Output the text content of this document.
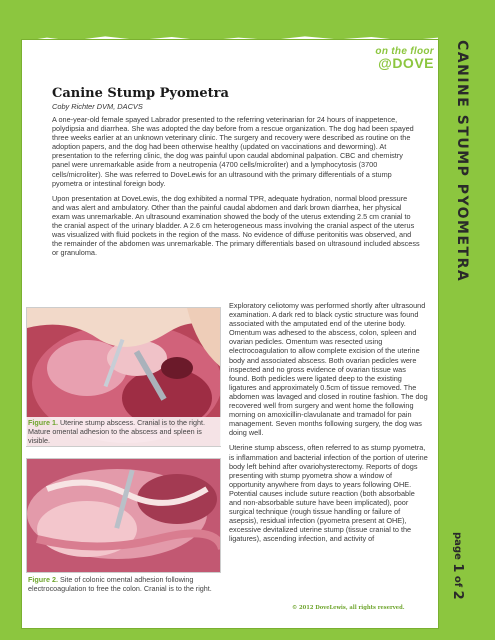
on the floor
@DOVE	CANINE STUMP PYOMETRA
page 1 of 2
Canine Stump Pyometra
Coby Richter DVM, DACVS

A one-year-old female spayed Labrador presented to the referring veterinarian for 24 hours of inappetence, polydipsia and diarrhea. She was adopted the day before from a rescue organization. The dog had been spayed three weeks earlier at an unknown veterinary clinic. The surgery and recovery were described as routine on the adoption papers, and the dog had been otherwise healthy (updated on vaccinations and deworming). At presentation to the referring clinic, the dog was painful upon caudal abdominal palpation. CBC and chemistry panel were unremarkable aside from a neutropenia (4700 cells/microliter) and a lymphocytosis (3700 cells/microliter). She was referred to DoveLewis for an ultrasound with the primary differentials of a stump pyometra or intestinal foreign body.

Upon presentation at DoveLewis, the dog exhibited a normal TPR, adequate hydration, normal blood pressure and was alert and ambulatory. Other than the painful caudal abdomen and dark brown diarrhea, her physical exam was unremarkable. An ultrasound examination showed the body of the uterus extending 2.5 cm cranial to the cranial aspect of the urinary bladder. A 2.6 cm heterogeneous mass involving the cranial aspect of the uterus was visualized with fluid pockets in the region of the mass. No evidence of diffuse peritonitis was observed, and the remainder of the abdomen was unremarkable. The primary differentials based on ultrasound included abscess or granuloma.

Figure 1. Uterine stump abscess. Cranial is to the right. Mature omental adhesion to the abscess and spleen is visible.
Figure 2. Site of colonic omental adhesion following electrocoagulation to free the colon. Cranial is to the right.

Exploratory celiotomy was performed shortly after ultrasound examination. A dark red to black cystic structure was found associated with the amputated end of the uterine body. Omentum was adhesed to the abscess, colon, spleen and ovarian pedicles. Omentum was resected using electrocoagulation to allow complete excision of the uterine body and associated abscess. Both ovarian pedicles were inspected and no gross evidence of ovarian tissue was found. Both pedicles were ligated deep to the existing ligatures and approximately 0.5cm of tissue removed. The abdomen was lavaged and closed in routine fashion. The dog recovered well from surgery and went home the following morning on amoxicillin-clavulanate and tramadol for pain management. Seven months following surgery, the dog was doing well.

Uterine stump abscess, often referred to as stump pyometra, is inflammation and bacterial infection of the portion of uterine body left behind after ovariohysterectomy. Reports of dogs presenting with stump pyometra show a window of opportunity anywhere from days to years following OHE. Potential causes include suture reaction (both absorbable and non-absorbable suture have been implicated), poor surgical technique (rough tissue handling or failure of asepsis), residual infection (pyometra present at OHE), excessive devitalized uterine stump (tissue cranial to the ligatures), ascending infection, and activity of

© 2012 DoveLewis, all rights reserved.
